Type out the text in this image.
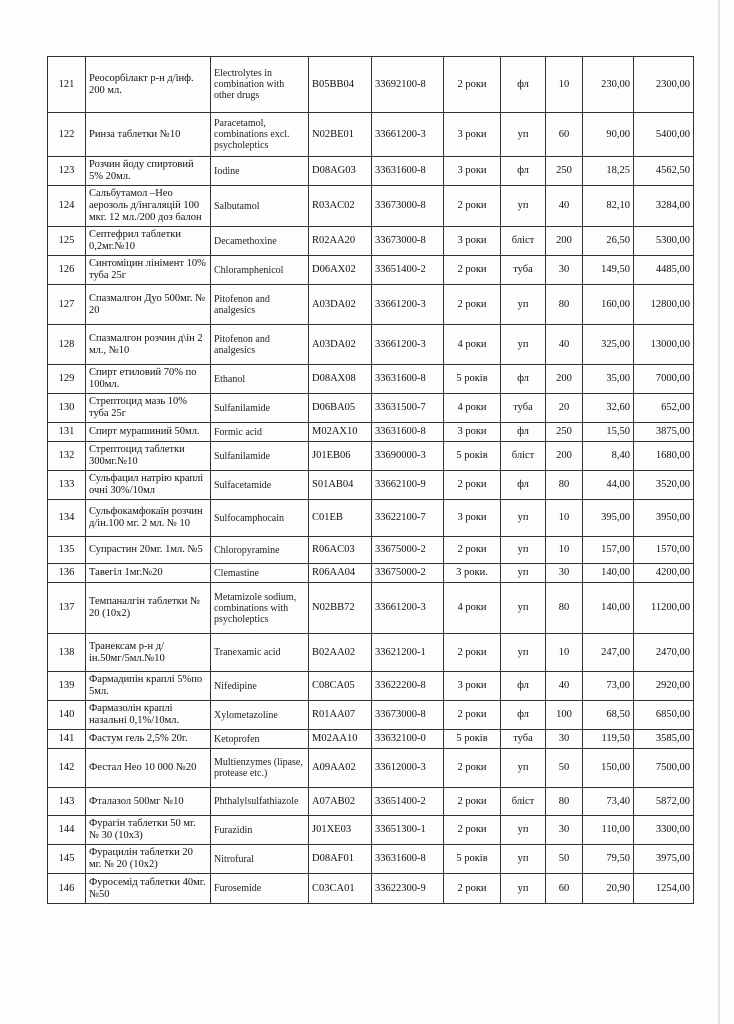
121	Реосорбілакт р-н д/інф. 200 мл.	Electrolytes in combination with other drugs	B05BB04	33692100-8	2 роки	фл	10	230,00	2300,00
122	Ринза таблетки №10	Paracetamol, combinations excl. psycholeptics	N02BE01	33661200-3	3 роки	уп	60	90,00	5400,00
123	Розчин йоду спиртовий 5% 20мл.	Iodine	D08AG03	33631600-8	3 роки	фл	250	18,25	4562,50
124	Сальбутамол –Нео аерозоль д/інгаляцій 100 мкг. 12 мл./200 доз балон	Salbutamol	R03AC02	33673000-8	2 роки	уп	40	82,10	3284,00
125	Септефрил таблетки 0,2мг.№10	Decamethoxine	R02AA20	33673000-8	3 роки	бліст	200	26,50	5300,00
126	Синтоміцин лінімент 10% туба 25г	Chloramphenicol	D06AX02	33651400-2	2 роки	туба	30	149,50	4485,00
127	Спазмалгон Дуо 500мг. № 20	Pitofenon and analgesics	A03DA02	33661200-3	2 роки	уп	80	160,00	12800,00
128	Спазмалгон розчин д\ін 2 мл., №10	Pitofenon and analgesics	A03DA02	33661200-3	4 роки	уп	40	325,00	13000,00
129	Спирт етиловий 70% по 100мл.	Ethanol	D08AX08	33631600-8	5 років	фл	200	35,00	7000,00
130	Стрептоцид мазь 10% туба 25г	Sulfanilamide	D06BA05	33631500-7	4 роки	туба	20	32,60	652,00
131	Спирт мурашиний 50мл.	Formic acid	M02AX10	33631600-8	3 роки	фл	250	15,50	3875,00
132	Стрептоцид таблетки 300мг.№10	Sulfanilamide	J01EB06	33690000-3	5 років	бліст	200	8,40	1680,00
133	Сульфацил натрію краплі очні 30%/10мл	Sulfacetamide	S01AB04	33662100-9	2 роки	фл	80	44,00	3520,00
134	Сульфокамфокаїн розчин д/ін.100 мг. 2 мл. № 10	Sulfocamphocain	C01EB	33622100-7	3 роки	уп	10	395,00	3950,00
135	Супрастин 20мг. 1мл. №5	Chloropyramine	R06AC03	33675000-2	2 роки	уп	10	157,00	1570,00
136	Тавегіл 1мг.№20	Clemastine	R06AA04	33675000-2	3 роки.	уп	30	140,00	4200,00
137	Темпаналгін таблетки № 20 (10x2)	Metamizole sodium, combinations with psycholeptics	N02BB72	33661200-3	4 роки	уп	80	140,00	11200,00
138	Транексам р-н д/ін.50мг/5мл.№10	Tranexamic acid	B02AA02	33621200-1	2 роки	уп	10	247,00	2470,00
139	Фармадипін краплі 5%по 5мл.	Nifedipine	C08CA05	33622200-8	3 роки	фл	40	73,00	2920,00
140	Фармазолін краплі назальні 0,1%/10мл.	Xylometazoline	R01AA07	33673000-8	2 роки	фл	100	68,50	6850,00
141	Фастум гель 2,5% 20г.	Ketoprofen	M02AA10	33632100-0	5 років	туба	30	119,50	3585,00
142	Фестал Нео 10 000 №20	Multienzymes (lipase, protease etc.)	A09AA02	33612000-3	2 роки	уп	50	150,00	7500,00
143	Фталазол 500мг №10	Phthalylsulfathiazole	A07AB02	33651400-2	2 роки	бліст	80	73,40	5872,00
144	Фурагін таблетки 50 мг. № 30 (10x3)	Furazidin	J01XE03	33651300-1	2 роки	уп	30	110,00	3300,00
145	Фурацилін таблетки 20 мг. № 20 (10x2)	Nitrofural	D08AF01	33631600-8	5 років	уп	50	79,50	3975,00
146	Фуросемід таблетки 40мг.№50	Furosemide	C03CA01	33622300-9	2 роки	уп	60	20,90	1254,00
